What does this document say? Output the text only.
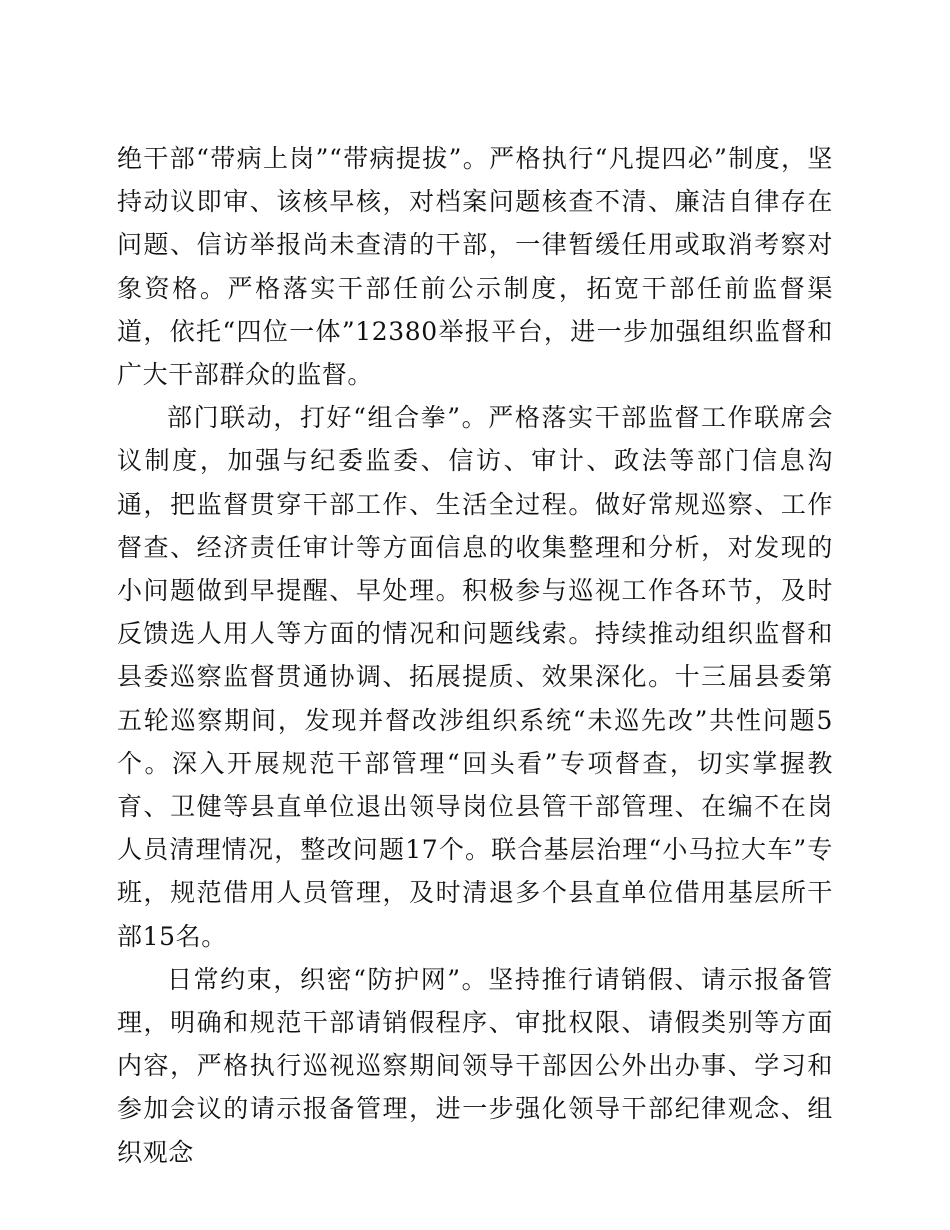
绝干部“带病上岗”“带病提拔”。严格执行“凡提四必”制度，坚持动议即审、该核早核，对档案问题核查不清、廉洁自律存在问题、信访举报尚未查清的干部，一律暂缓任用或取消考察对象资格。严格落实干部任前公示制度，拓宽干部任前监督渠道，依托“四位一体”12380举报平台，进一步加强组织监督和广大干部群众的监督。

部门联动，打好“组合拳”。严格落实干部监督工作联席会议制度，加强与纪委监委、信访、审计、政法等部门信息沟通，把监督贯穿干部工作、生活全过程。做好常规巡察、工作督查、经济责任审计等方面信息的收集整理和分析，对发现的小问题做到早提醒、早处理。积极参与巡视工作各环节，及时反馈选人用人等方面的情况和问题线索。持续推动组织监督和县委巡察监督贯通协调、拓展提质、效果深化。十三届县委第五轮巡察期间，发现并督改涉组织系统“未巡先改”共性问题5个。深入开展规范干部管理“回头看”专项督查，切实掌握教育、卫健等县直单位退出领导岗位县管干部管理、在编不在岗人员清理情况，整改问题17个。联合基层治理“小马拉大车”专班，规范借用人员管理，及时清退多个县直单位借用基层所干部15名。

日常约束，织密“防护网”。坚持推行请销假、请示报备管理，明确和规范干部请销假程序、审批权限、请假类别等方面内容，严格执行巡视巡察期间领导干部因公外出办事、学习和参加会议的请示报备管理，进一步强化领导干部纪律观念、组织观念
